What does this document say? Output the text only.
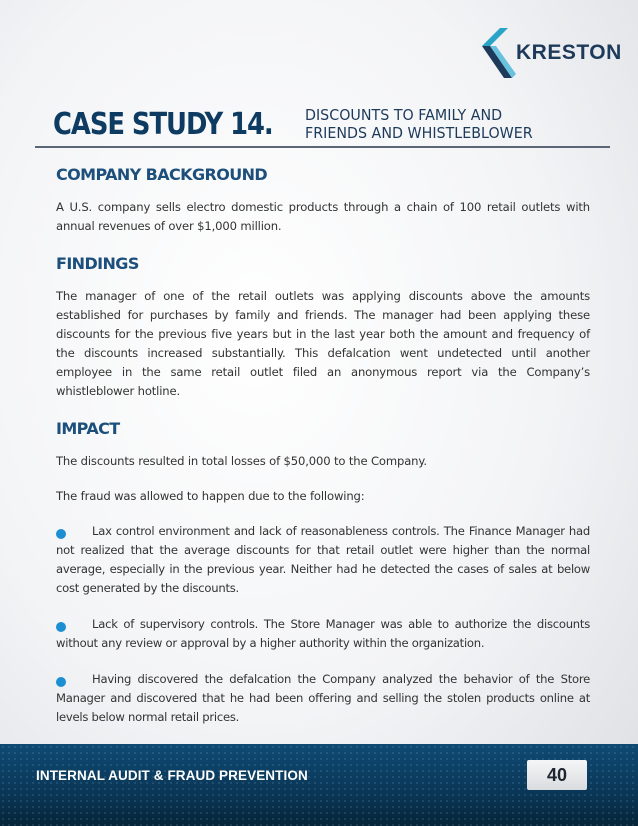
KRESTON
CASE STUDY 14. DISCOUNTS TO FAMILY AND
FRIENDS AND WHISTLEBLOWER
COMPANY BACKGROUND

A U.S. company sells electro domestic products through a chain of 100 retail outlets with annual revenues of over $1,000 million.

FINDINGS

The manager of one of the retail outlets was applying discounts above the amounts established for purchases by family and friends. The manager had been applying these discounts for the previous five years but in the last year both the amount and frequency of the discounts increased substantially. This defalcation went undetected until another employee in the same retail outlet filed an anonymous report via the Company’s whistleblower hotline.

IMPACT

The discounts resulted in total losses of $50,000 to the Company.

The fraud was allowed to happen due to the following:

Lax control environment and lack of reasonableness controls. The Finance Manager had not realized that the average discounts for that retail outlet were higher than the normal average, especially in the previous year. Neither had he detected the cases of sales at below cost generated by the discounts.
Lack of supervisory controls. The Store Manager was able to authorize the discounts without any review or approval by a higher authority within the organization.
Having discovered the defalcation the Company analyzed the behavior of the Store Manager and discovered that he had been offering and selling the stolen products online at levels below normal retail prices.
INTERNAL AUDIT & FRAUD PREVENTION	40
